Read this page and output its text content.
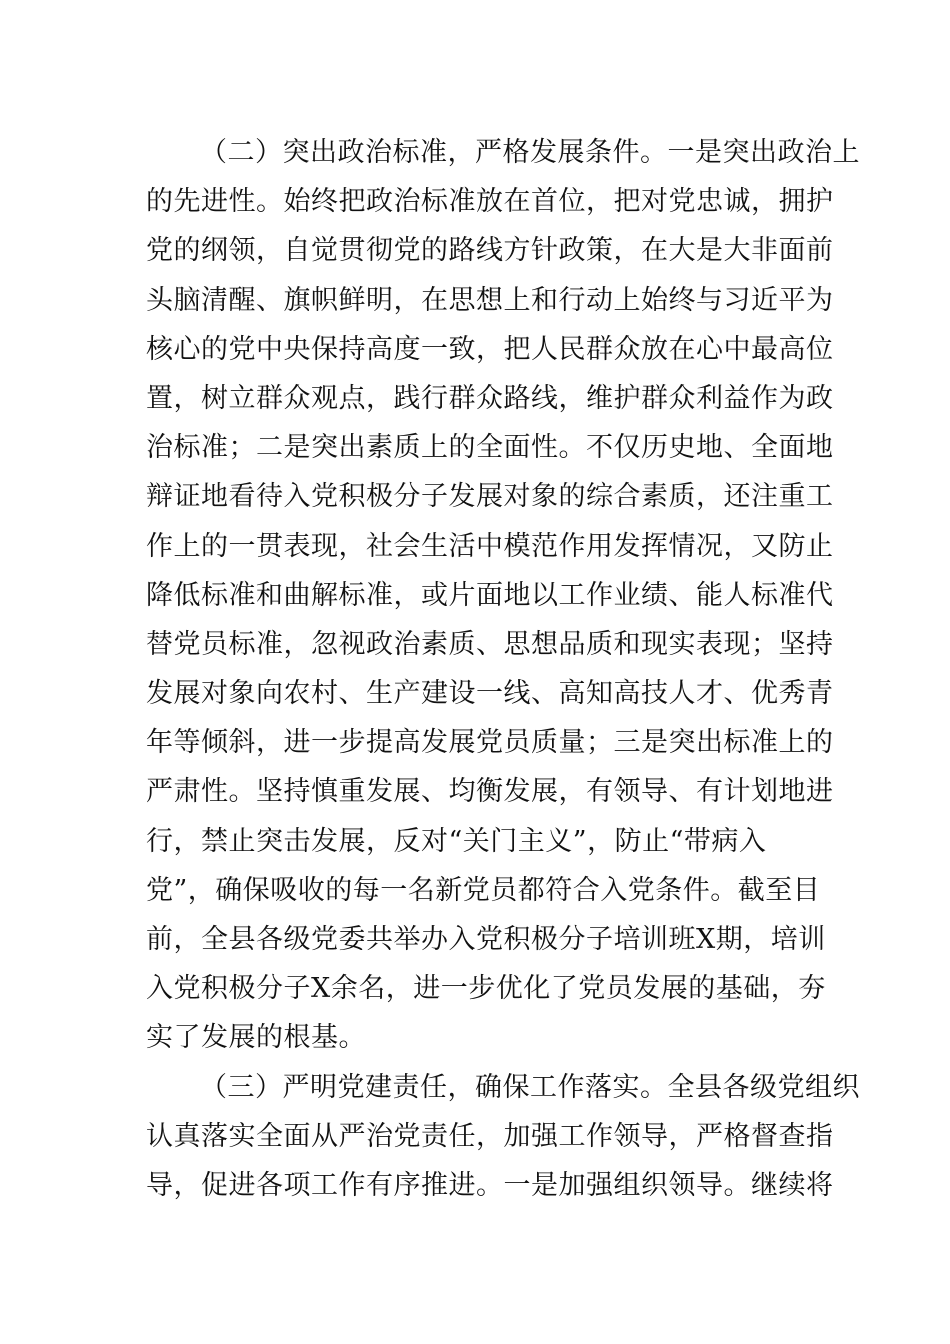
（二）突出政治标准，严格发展条件。一是突出政治上
的先进性。始终把政治标准放在首位，把对党忠诚，拥护
党的纲领，自觉贯彻党的路线方针政策，在大是大非面前
头脑清醒、旗帜鲜明，在思想上和行动上始终与习近平为
核心的党中央保持高度一致，把人民群众放在心中最高位
置，树立群众观点，践行群众路线，维护群众利益作为政
治标准；二是突出素质上的全面性。不仅历史地、全面地
辩证地看待入党积极分子发展对象的综合素质，还注重工
作上的一贯表现，社会生活中模范作用发挥情况，又防止
降低标准和曲解标准，或片面地以工作业绩、能人标准代
替党员标准，忽视政治素质、思想品质和现实表现；坚持
发展对象向农村、生产建设一线、高知高技人才、优秀青
年等倾斜，进一步提高发展党员质量；三是突出标准上的
严肃性。坚持慎重发展、均衡发展，有领导、有计划地进
行，禁止突击发展，反对“关门主义”，防止“带病入
党”，确保吸收的每一名新党员都符合入党条件。截至目
前，全县各级党委共举办入党积极分子培训班X期，培训
入党积极分子X余名，进一步优化了党员发展的基础，夯
实了发展的根基。
（三）严明党建责任，确保工作落实。全县各级党组织
认真落实全面从严治党责任，加强工作领导，严格督查指
导，促进各项工作有序推进。一是加强组织领导。继续将
